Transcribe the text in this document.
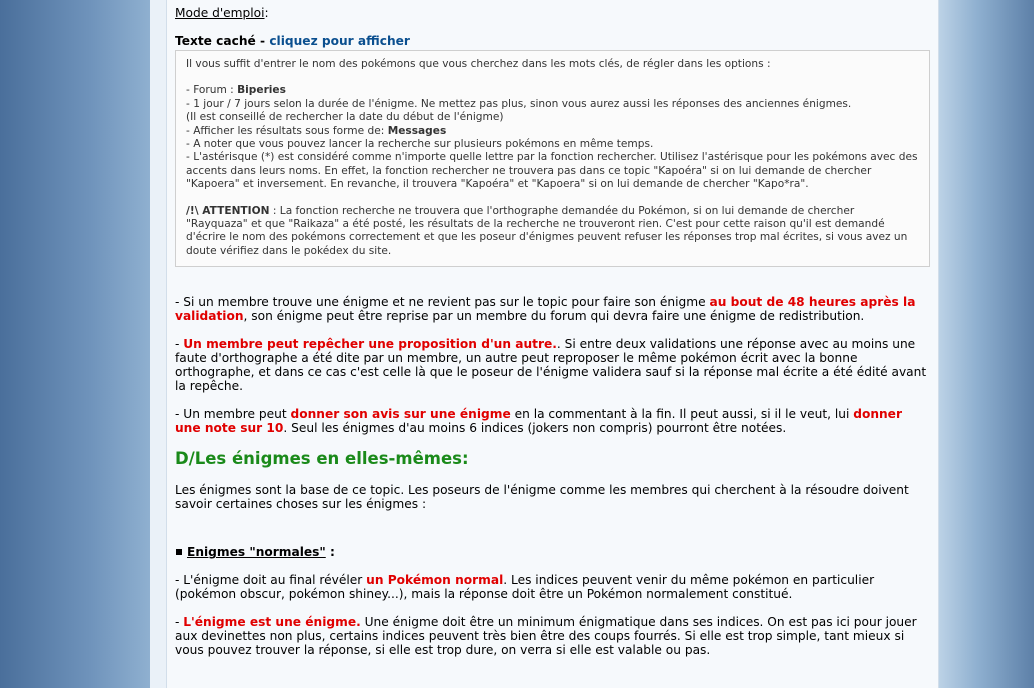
Mode d'emploi:
Texte caché - cliquez pour afficher

Il vous suffit d'entrer le nom des pokémons que vous cherchez dans les mots clés, de régler dans les options :

- Forum : Biperies

- 1 jour / 7 jours selon la durée de l'énigme. Ne mettez pas plus, sinon vous aurez aussi les réponses des anciennes énigmes.

(Il est conseillé de rechercher la date du début de l'énigme)

- Afficher les résultats sous forme de: Messages

- A noter que vous pouvez lancer la recherche sur plusieurs pokémons en même temps.

- L'astérisque (*) est considéré comme n'importe quelle lettre par la fonction rechercher. Utilisez l'astérisque pour les pokémons avec des accents dans leurs noms. En effet, la fonction rechercher ne trouvera pas dans ce topic "Kapoéra" si on lui demande de chercher "Kapoera" et inversement. En revanche, il trouvera "Kapoéra" et "Kapoera" si on lui demande de chercher "Kapo*ra".

/!\ ATTENTION : La fonction recherche ne trouvera que l'orthographe demandée du Pokémon, si on lui demande de chercher "Rayquaza" et que "Raikaza" a été posté, les résultats de la recherche ne trouveront rien. C'est pour cette raison qu'il est demandé d'écrire le nom des pokémons correctement et que les poseur d'énigmes peuvent refuser les réponses trop mal écrites, si vous avez un doute vérifiez dans le pokédex du site.

- Si un membre trouve une énigme et ne revient pas sur le topic pour faire son énigme au bout de 48 heures après la validation, son énigme peut être reprise par un membre du forum qui devra faire une énigme de redistribution.

- Un membre peut repêcher une proposition d'un autre.. Si entre deux validations une réponse avec au moins une faute d'orthographe a été dite par un membre, un autre peut reproposer le même pokémon écrit avec la bonne orthographe, et dans ce cas c'est celle là que le poseur de l'énigme validera sauf si la réponse mal écrite a été édité avant la repêche.

- Un membre peut donner son avis sur une énigme en la commentant à la fin. Il peut aussi, si il le veut, lui donner une note sur 10. Seul les énigmes d'au moins 6 indices (jokers non compris) pourront être notées.

D/Les énigmes en elles-mêmes:

Les énigmes sont la base de ce topic. Les poseurs de l'énigme comme les membres qui cherchent à la résoudre doivent savoir certaines choses sur les énigmes :

Enigmes "normales" :

- L'énigme doit au final révéler un Pokémon normal. Les indices peuvent venir du même pokémon en particulier (pokémon obscur, pokémon shiney...), mais la réponse doit être un Pokémon normalement constitué.

- L'énigme est une énigme. Une énigme doit être un minimum énigmatique dans ses indices. On est pas ici pour jouer aux devinettes non plus, certains indices peuvent très bien être des coups fourrés. Si elle est trop simple, tant mieux si vous pouvez trouver la réponse, si elle est trop dure, on verra si elle est valable ou pas.
